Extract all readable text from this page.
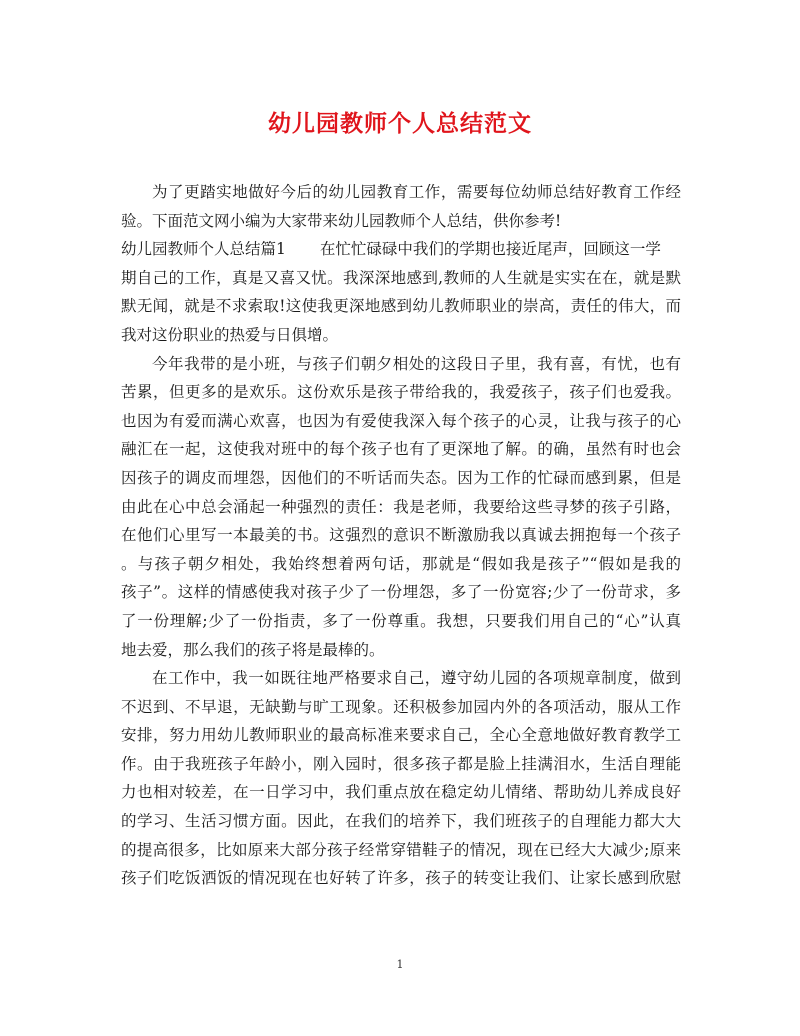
幼儿园教师个人总结范文
为了更踏实地做好今后的幼儿园教育工作，需要每位幼师总结好教育工作经
验。下面范文网小编为大家带来幼儿园教师个人总结，供你参考!
幼儿园教师个人总结篇1 在忙忙碌碌中我们的学期也接近尾声，回顾这一学
期自己的工作，真是又喜又忧。我深深地感到,教师的人生就是实实在在，就是默
默无闻，就是不求索取!这使我更深地感到幼儿教师职业的崇高，责任的伟大，而
我对这份职业的热爱与日俱增。
今年我带的是小班，与孩子们朝夕相处的这段日子里，我有喜，有忧，也有
苦累，但更多的是欢乐。这份欢乐是孩子带给我的，我爱孩子，孩子们也爱我。
也因为有爱而满心欢喜，也因为有爱使我深入每个孩子的心灵，让我与孩子的心
融汇在一起，这使我对班中的每个孩子也有了更深地了解。的确，虽然有时也会
因孩子的调皮而埋怨，因他们的不听话而失态。因为工作的忙碌而感到累，但是
由此在心中总会涌起一种强烈的责任：我是老师，我要给这些寻梦的孩子引路，
在他们心里写一本最美的书。这强烈的意识不断激励我以真诚去拥抱每一个孩子
。与孩子朝夕相处，我始终想着两句话，那就是“假如我是孩子”“假如是我的
孩子”。这样的情感使我对孩子少了一份埋怨，多了一份宽容;少了一份苛求，多
了一份理解;少了一份指责，多了一份尊重。我想，只要我们用自己的“心”认真
地去爱，那么我们的孩子将是最棒的。
在工作中，我一如既往地严格要求自己，遵守幼儿园的各项规章制度，做到
不迟到、不早退，无缺勤与旷工现象。还积极参加园内外的各项活动，服从工作
安排，努力用幼儿教师职业的最高标准来要求自己，全心全意地做好教育教学工
作。由于我班孩子年龄小，刚入园时，很多孩子都是脸上挂满泪水，生活自理能
力也相对较差，在一日学习中，我们重点放在稳定幼儿情绪、帮助幼儿养成良好
的学习、生活习惯方面。因此，在我们的培养下，我们班孩子的自理能力都大大
的提高很多，比如原来大部分孩子经常穿错鞋子的情况，现在已经大大减少;原来
孩子们吃饭洒饭的情况现在也好转了许多，孩子的转变让我们、让家长感到欣慰
1
